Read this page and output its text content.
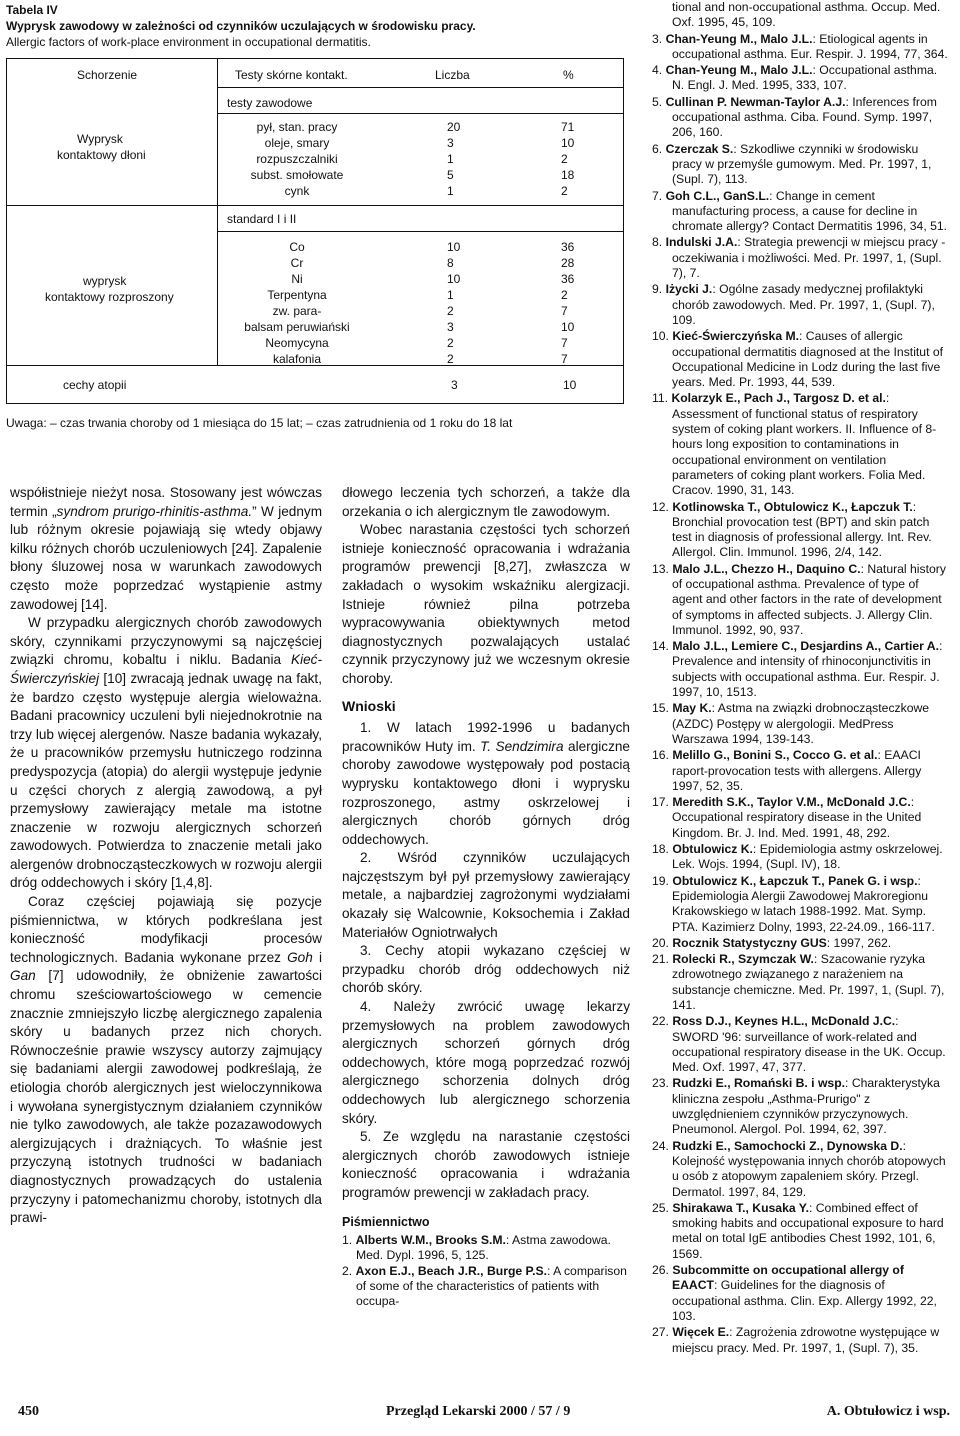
Tabela IV
Wyprysk zawodowy w zależności od czynników uczulających w środowisku pracy.
Allergic factors of work-place environment in occupational dermatitis.
Schorzenie	Testy skórne kontakt.	Liczba	%
testy zawodowe
Wyprysk
kontaktowy dłoni
pył, stan. pracy	20	71
oleje, smary	3	10
rozpuszczalniki	1	2
subst. smołowate	5	18
cynk	1	2
standard I i II
wyprysk
kontaktowy rozproszony
Co	10	36
Cr	8	28
Ni	10	36
Terpentyna	1	2
zw. para-	2	7
balsam peruwiański	3	10
Neomycyna	2	7
kalafonia	2	7
cechy atopii	3	10
Uwaga: – czas trwania choroby od 1 miesiąca do 15 lat; – czas zatrudnienia od 1 roku do 18 lat

współistnieje nieżyt nosa. Stosowany jest wówczas termin „syndrom prurigo-rhinitis-asthma.” W jednym lub różnym okresie pojawiają się wtedy objawy kilku różnych chorób uczuleniowych [24]. Zapalenie błony śluzowej nosa w warunkach zawodowych często może poprzedzać wystąpienie astmy zawodowej [14].

W przypadku alergicznych chorób zawodowych skóry, czynnikami przyczynowymi są najczęściej związki chromu, kobaltu i niklu. Badania Kieć-Świerczyńskiej [10] zwracają jednak uwagę na fakt, że bardzo często występuje alergia wieloważna. Badani pracownicy uczuleni byli niejednokrotnie na trzy lub więcej alergenów. Nasze badania wykazały, że u pracowników przemysłu hutniczego rodzinna predyspozycja (atopia) do alergii występuje jedynie u części chorych z alergią zawodową, a pył przemysłowy zawierający metale ma istotne znaczenie w rozwoju alergicznych schorzeń zawodowych. Potwierdza to znaczenie metali jako alergenów drobnocząsteczkowych w rozwoju alergii dróg oddechowych i skóry [1,4,8].

Coraz częściej pojawiają się pozycje piśmiennictwa, w których podkreślana jest konieczność modyfikacji procesów technologicznych. Badania wykonane przez Goh i Gan [7] udowodniły, że obniżenie zawartości chromu sześciowartościowego w cemencie znacznie zmniejszyło liczbę alergicznego zapalenia skóry u badanych przez nich chorych. Równocześnie prawie wszyscy autorzy zajmujący się badaniami alergii zawodowej podkreślają, że etiologia chorób alergicznych jest wieloczynnikowa i wywołana synergistycznym działaniem czynników nie tylko zawodowych, ale także pozazawodowych alergizujących i drażniących. To właśnie jest przyczyną istotnych trudności w badaniach diagnostycznych prowadzących do ustalenia przyczyny i patomechanizmu choroby, istotnych dla prawi-

dłowego leczenia tych schorzeń, a także dla orzekania o ich alergicznym tle zawodowym.

Wobec narastania częstości tych schorzeń istnieje konieczność opracowania i wdrażania programów prewencji [8,27], zwłaszcza w zakładach o wysokim wskaźniku alergizacji. Istnieje również pilna potrzeba wypracowywania obiektywnych metod diagnostycznych pozwalających ustalać czynnik przyczynowy już we wczesnym okresie choroby.

Wnioski

1. W latach 1992-1996 u badanych pracowników Huty im. T. Sendzimira alergiczne choroby zawodowe występowały pod postacią wyprysku kontaktowego dłoni i wyprysku rozproszonego, astmy oskrzelowej i alergicznych chorób górnych dróg oddechowych.

2. Wśród czynników uczulających najczęstszym był pył przemysłowy zawierający metale, a najbardziej zagrożonymi wydziałami okazały się Walcownie, Koksochemia i Zakład Materiałów Ogniotrwałych

3. Cechy atopii wykazano częściej w przypadku chorób dróg oddechowych niż chorób skóry.

4. Należy zwrócić uwagę lekarzy przemysłowych na problem zawodowych alergicznych schorzeń górnych dróg oddechowych, które mogą poprzedzać rozwój alergicznego schorzenia dolnych dróg oddechowych lub alergicznego schorzenia skóry.

5. Ze względu na narastanie częstości alergicznych chorób zawodowych istnieje konieczność opracowania i wdrażania programów prewencji w zakładach pracy.

Piśmiennictwo

1. Alberts W.M., Brooks S.M.: Astma zawodowa. Med. Dypl. 1996, 5, 125.

2. Axon E.J., Beach J.R., Burge P.S.: A comparison of some of the characteristics of patients with occupa-

tional and non-occupational asthma. Occup. Med. Oxf. 1995, 45, 109.

3. Chan-Yeung M., Malo J.L.: Etiological agents in occupational asthma. Eur. Respir. J. 1994, 77, 364.

4. Chan-Yeung M., Malo J.L.: Occupational asthma. N. Engl. J. Med. 1995, 333, 107.

5. Cullinan P. Newman-Taylor A.J.: Inferences from occupational asthma. Ciba. Found. Symp. 1997, 206, 160.

6. Czerczak S.: Szkodliwe czynniki w środowisku pracy w przemyśle gumowym. Med. Pr. 1997, 1, (Supl. 7), 113.

7. Goh C.L., GanS.L.: Change in cement manufacturing process, a cause for decline in chromate allergy? Contact Dermatitis 1996, 34, 51.

8. Indulski J.A.: Strategia prewencji w miejscu pracy - oczekiwania i możliwości. Med. Pr. 1997, 1, (Supl. 7), 7.

9. Iżycki J.: Ogólne zasady medycznej profilaktyki chorób zawodowych. Med. Pr. 1997, 1, (Supl. 7), 109.

10. Kieć-Świerczyńska M.: Causes of allergic occupational dermatitis diagnosed at the Institut of Occupational Medicine in Lodz during the last five years. Med. Pr. 1993, 44, 539.

11. Kolarzyk E., Pach J., Targosz D. et al.: Assessment of functional status of respiratory system of coking plant workers. II. Influence of 8-hours long exposition to contaminations in occupational environment on ventilation parameters of coking plant workers. Folia Med. Cracov. 1990, 31, 143.

12. Kotlinowska T., Obtulowicz K., Łapczuk T.: Bronchial provocation test (BPT) and skin patch test in diagnosis of professional allergy. Int. Rev. Allergol. Clin. Immunol. 1996, 2/4, 142.

13. Malo J.L., Chezzo H., Daquino C.: Natural history of occupational asthma. Prevalence of type of agent and other factors in the rate of development of symptoms in affected subjects. J. Allergy Clin. Immunol. 1992, 90, 937.

14. Malo J.L., Lemiere C., Desjardins A., Cartier A.: Prevalence and intensity of rhinoconjunctivitis in subjects with occupational asthma. Eur. Respir. J. 1997, 10, 1513.

15. May K.: Astma na związki drobnocząsteczkowe (AZDC) Postępy w alergologii. MedPress Warszawa 1994, 139-143.

16. Melillo G., Bonini S., Cocco G. et al.: EAACI raport-provocation tests with allergens. Allergy 1997, 52, 35.

17. Meredith S.K., Taylor V.M., McDonald J.C.: Occupational respiratory disease in the United Kingdom. Br. J. Ind. Med. 1991, 48, 292.

18. Obtulowicz K.: Epidemiologia astmy oskrzelowej. Lek. Wojs. 1994, (Supl. IV), 18.

19. Obtulowicz K., Łapczuk T., Panek G. i wsp.: Epidemiologia Alergii Zawodowej Makroregionu Krakowskiego w latach 1988-1992. Mat. Symp. PTA. Kazimierz Dolny, 1993, 22-24.09., 166-117.

20. Rocznik Statystyczny GUS: 1997, 262.

21. Rolecki R., Szymczak W.: Szacowanie ryzyka zdrowotnego związanego z narażeniem na substancje chemiczne. Med. Pr. 1997, 1, (Supl. 7), 141.

22. Ross D.J., Keynes H.L., McDonald J.C.: SWORD '96: surveillance of work-related and occupational respiratory disease in the UK. Occup. Med. Oxf. 1997, 47, 377.

23. Rudzki E., Romański B. i wsp.: Charakterystyka kliniczna zespołu „Asthma-Prurigo" z uwzględnieniem czynników przyczynowych. Pneumonol. Alergol. Pol. 1994, 62, 397.

24. Rudzki E., Samochocki Z., Dynowska D.: Kolejność występowania innych chorób atopowych u osób z atopowym zapaleniem skóry. Przegl. Dermatol. 1997, 84, 129.

25. Shirakawa T., Kusaka Y.: Combined effect of smoking habits and occupational exposure to hard metal on total IgE antibodies Chest 1992, 101, 6, 1569.

26. Subcommitte on occupational allergy of EAACT: Guidelines for the diagnosis of occupational asthma. Clin. Exp. Allergy 1992, 22, 103.

27. Więcek E.: Zagrożenia zdrowotne występujące w miejscu pracy. Med. Pr. 1997, 1, (Supl. 7), 35.

450	Przegląd Lekarski 2000 / 57 / 9	A. Obtułowicz i wsp.
